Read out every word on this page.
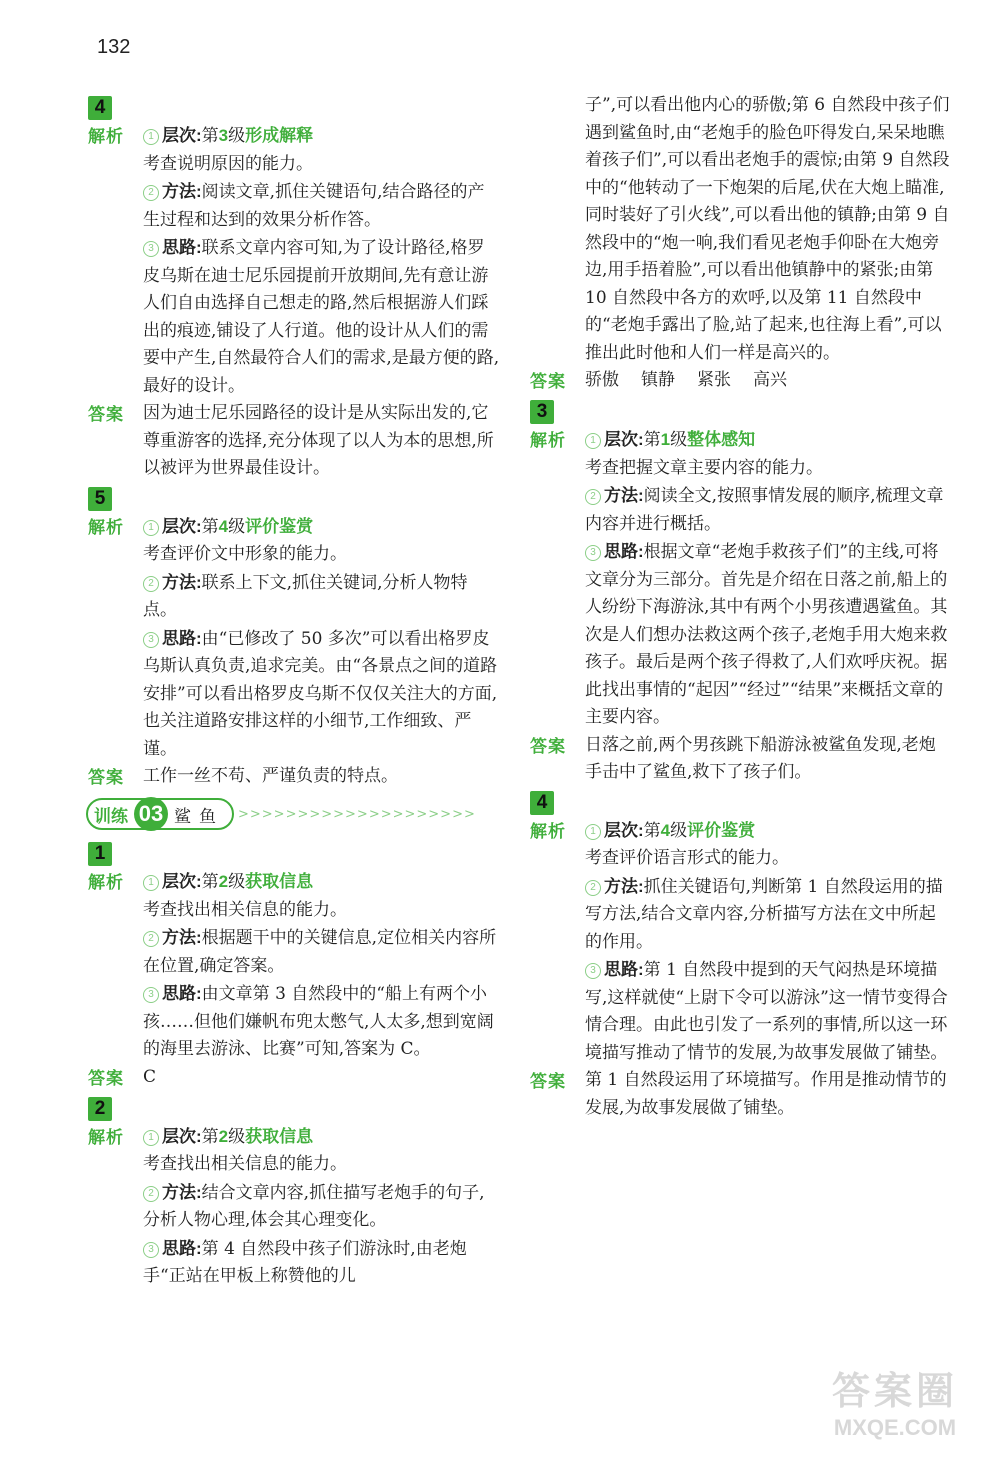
132
4
解析	1 层次:第3级形成解释

考查说明原因的能力。

2 方法:阅读文章,抓住关键语句,结合路径的产生过程和达到的效果分析作答。

3 思路:联系文章内容可知,为了设计路径,格罗皮乌斯在迪士尼乐园提前开放期间,先有意让游人们自由选择自己想走的路,然后根据游人们踩出的痕迹,铺设了人行道。他的设计从人们的需要中产生,自然最符合人们的需求,是最方便的路,最好的设计。

答案	因为迪士尼乐园路径的设计是从实际出发的,它尊重游客的选择,充分体现了以人为本的思想,所以被评为世界最佳设计。
5
解析	1 层次:第4级评价鉴赏

考查评价文中形象的能力。

2 方法:联系上下文,抓住关键词,分析人物特点。

3 思路:由“已修改了 50 多次”可以看出格罗皮乌斯认真负责,追求完美。由“各景点之间的道路安排”可以看出格罗皮乌斯不仅仅关注大的方面,也关注道路安排这样的小细节,工作细致、严谨。

答案	工作一丝不苟、严谨负责的特点。
训练 03 鲨鱼 >>>>>>>>>>>>>>>>>>>>
1
解析	1 层次:第2级获取信息

考查找出相关信息的能力。

2 方法:根据题干中的关键信息,定位相关内容所在位置,确定答案。

3 思路:由文章第 3 自然段中的“船上有两个小孩……但他们嫌帆布兜太憋气,人太多,想到宽阔的海里去游泳、比赛”可知,答案为 C。

答案	C
2
解析	1 层次:第2级获取信息

考查找出相关信息的能力。

2 方法:结合文章内容,抓住描写老炮手的句子,分析人物心理,体会其心理变化。

3 思路:第 4 自然段中孩子们游泳时,由老炮手“正站在甲板上称赞他的儿

子”,可以看出他内心的骄傲;第 6 自然段中孩子们遇到鲨鱼时,由“老炮手的脸色吓得发白,呆呆地瞧着孩子们”,可以看出老炮手的震惊;由第 9 自然段中的“他转动了一下炮架的后尾,伏在大炮上瞄准,同时装好了引火线”,可以看出他的镇静;由第 9 自然段中的“炮一响,我们看见老炮手仰卧在大炮旁边,用手捂着脸”,可以看出他镇静中的紧张;由第 10 自然段中各方的欢呼,以及第 11 自然段中的“老炮手露出了脸,站了起来,也往海上看”,可以推出此时他和人们一样是高兴的。
答案	骄傲 镇静 紧张 高兴
3
解析	1 层次:第1级整体感知

考查把握文章主要内容的能力。

2 方法:阅读全文,按照事情发展的顺序,梳理文章内容并进行概括。

3 思路:根据文章“老炮手救孩子们”的主线,可将文章分为三部分。首先是介绍在日落之前,船上的人纷纷下海游泳,其中有两个小男孩遭遇鲨鱼。其次是人们想办法救这两个孩子,老炮手用大炮来救孩子。最后是两个孩子得救了,人们欢呼庆祝。据此找出事情的“起因”“经过”“结果”来概括文章的主要内容。

答案	日落之前,两个男孩跳下船游泳被鲨鱼发现,老炮手击中了鲨鱼,救下了孩子们。
4
解析	1 层次:第4级评价鉴赏

考查评价语言形式的能力。

2 方法:抓住关键语句,判断第 1 自然段运用的描写方法,结合文章内容,分析描写方法在文中所起的作用。

3 思路:第 1 自然段中提到的天气闷热是环境描写,这样就使“上尉下令可以游泳”这一情节变得合情合理。由此也引发了一系列的事情,所以这一环境描写推动了情节的发展,为故事发展做了铺垫。

答案	第 1 自然段运用了环境描写。作用是推动情节的发展,为故事发展做了铺垫。
答案圈
MXQE.COM
